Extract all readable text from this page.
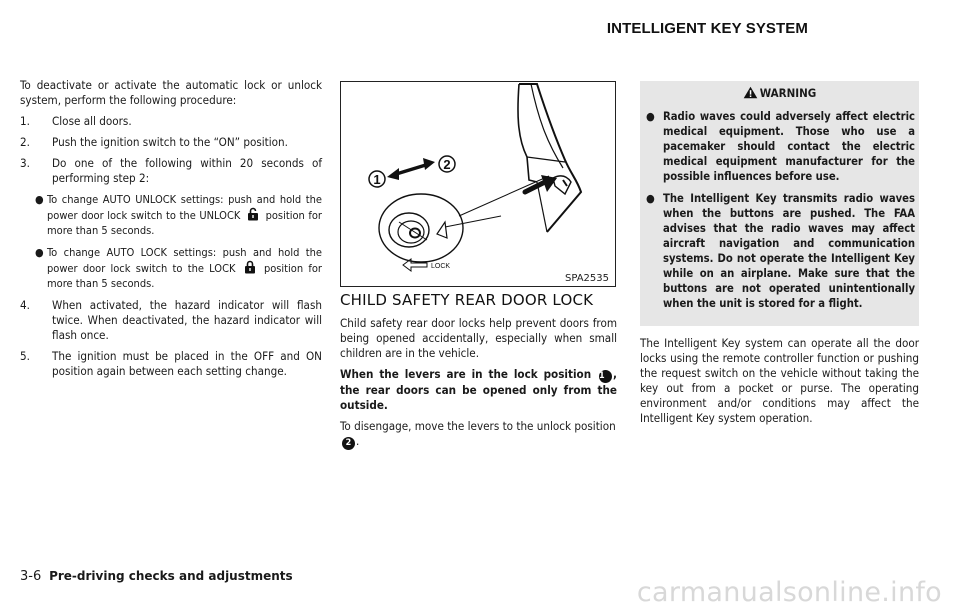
INTELLIGENT KEY SYSTEM

To deactivate or activate the automatic lock or unlock system, perform the following procedure:

1. Close all doors.
2. Push the ignition switch to the “ON” position.
3. Do one of the following within 20 seconds of performing step 2:
● To change AUTO UNLOCK settings: push and hold the power door lock switch to the UNLOCK position for more than 5 seconds.
● To change AUTO LOCK settings: push and hold the power door lock switch to the LOCK	position for more than 5 seconds.
4. When activated, the hazard indicator will flash twice. When deactivated, the hazard indicator will flash once.
5. The ignition must be placed in the OFF and ON position again between each setting change.
1
2
LOCK
SPA2535
CHILD SAFETY REAR DOOR LOCK

Child safety rear door locks help prevent doors from being opened accidentally, especially when small children are in the vehicle.

When the levers are in the lock position 1 , the rear doors can be opened only from the outside.

To disengage, move the levers to the unlock position 2 .

WARNING
● Radio waves could adversely affect electric medical equipment. Those who use a pacemaker should contact the electric medical equipment manufacturer for the possible influences before use.
● The Intelligent Key transmits radio waves when the buttons are pushed. The FAA advises that the radio waves may affect aircraft navigation and communication systems. Do not operate the Intelligent Key while on an airplane. Make sure that the buttons are not operated unintentionally when the unit is stored for a flight.

The Intelligent Key system can operate all the door locks using the remote controller function or pushing the request switch on the vehicle without taking the key out from a pocket or purse. The operating environment and/or conditions may affect the Intelligent Key system operation.

3-6 Pre-driving checks and adjustments
carmanualsonline.info
